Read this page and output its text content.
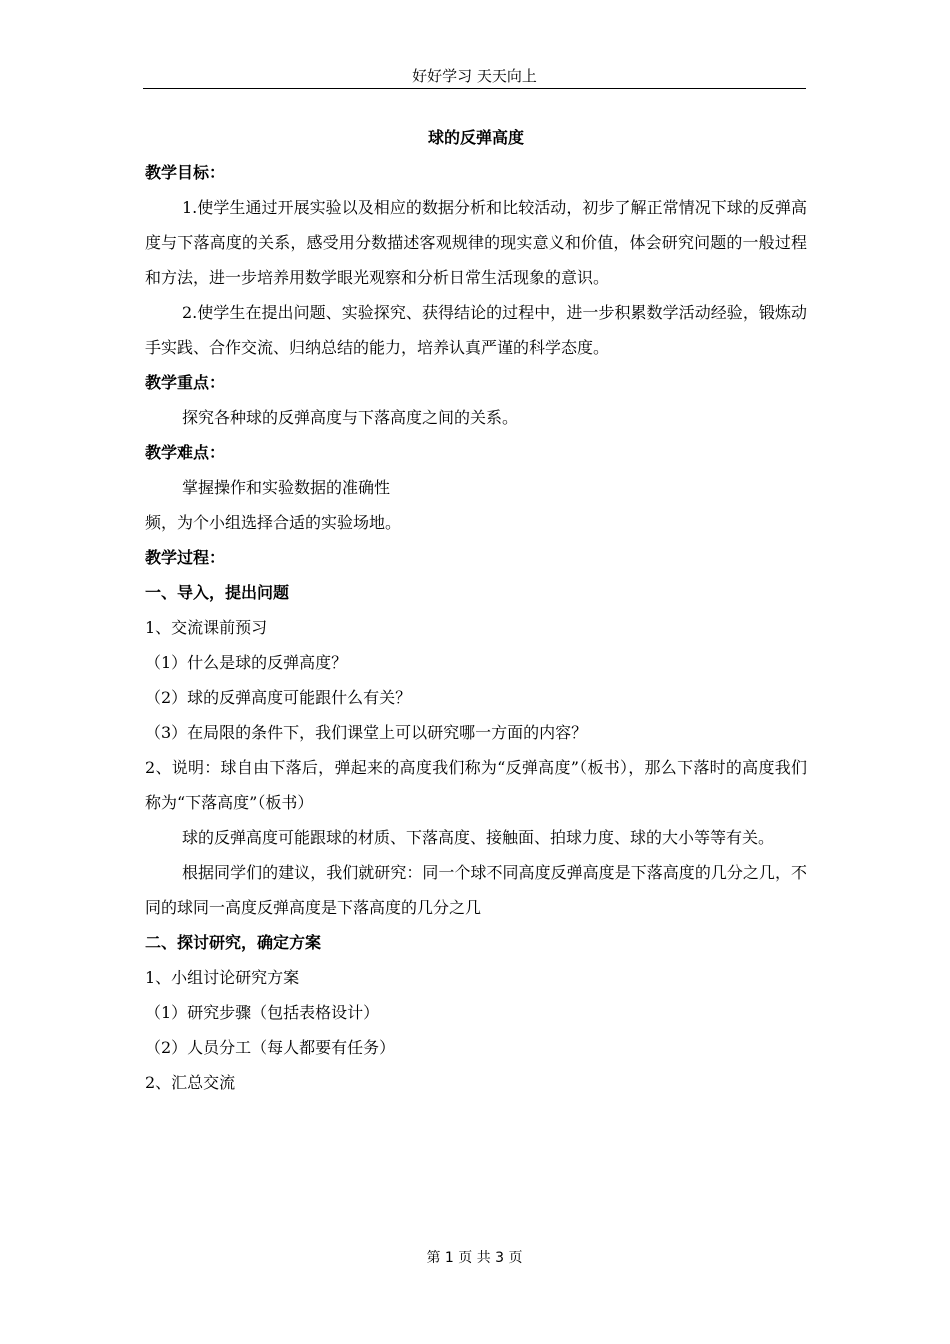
好好学习 天天向上
球的反弹高度
教学目标：

1.使学生通过开展实验以及相应的数据分析和比较活动，初步了解正常情况下球的反弹高度与下落高度的关系，感受用分数描述客观规律的现实意义和价值，体会研究问题的一般过程和方法，进一步培养用数学眼光观察和分析日常生活现象的意识。

2.使学生在提出问题、实验探究、获得结论的过程中，进一步积累数学活动经验，锻炼动手实践、合作交流、归纳总结的能力，培养认真严谨的科学态度。

教学重点：

探究各种球的反弹高度与下落高度之间的关系。

教学难点：

掌握操作和实验数据的准确性

频，为个小组选择合适的实验场地。

教学过程：
一、导入，提出问题

1、交流课前预习

（1）什么是球的反弹高度？

（2）球的反弹高度可能跟什么有关？

（3）在局限的条件下，我们课堂上可以研究哪一方面的内容？

2、说明：球自由下落后，弹起来的高度我们称为“反弹高度”（板书），那么下落时的高度我们称为“下落高度”（板书）

球的反弹高度可能跟球的材质、下落高度、接触面、拍球力度、球的大小等等有关。

根据同学们的建议，我们就研究：同一个球不同高度反弹高度是下落高度的几分之几，不同的球同一高度反弹高度是下落高度的几分之几

二、探讨研究，确定方案

1、小组讨论研究方案

（1）研究步骤（包括表格设计）

（2）人员分工（每人都要有任务）

2、汇总交流

第 1 页 共 3 页
